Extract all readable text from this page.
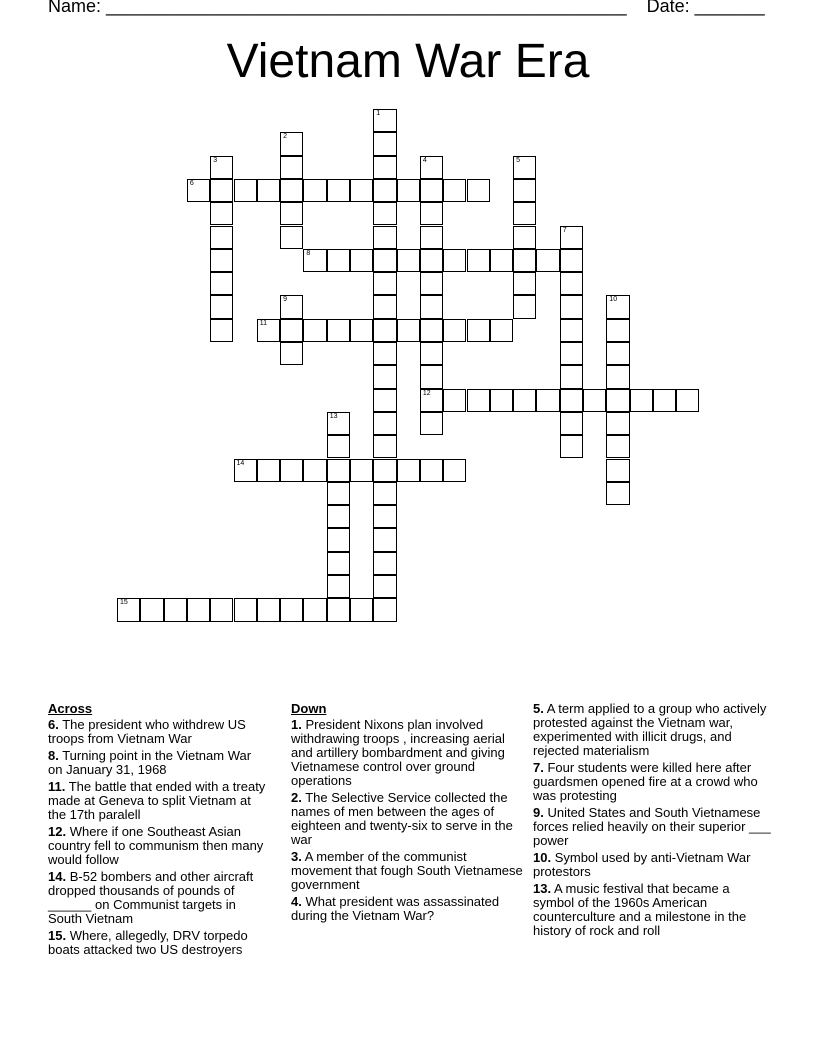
Name: ____________________________________________________ Date: _______
Vietnam War Era
1
2
3	4
12
5
6
7
8
9	10
11
13
14
15
Across
6. The president who withdrew US troops from Vietnam War
8. Turning point in the Vietnam War on January 31, 1968
11. The battle that ended with a treaty made at Geneva to split Vietnam at the 17th paralell
12. Where if one Southeast Asian country fell to communism then many would follow
14. B-52 bombers and other aircraft dropped thousands of pounds of ______ on Communist targets in South Vietnam
15. Where, allegedly, DRV torpedo boats attacked two US destroyers
Down
1. President Nixons plan involved withdrawing troops , increasing aerial and artillery bombardment and giving Vietnamese control over ground operations
2. The Selective Service collected the names of men between the ages of eighteen and twenty-six to serve in the war
3. A member of the communist movement that fough South Vietnamese government
4. What president was assassinated during the Vietnam War?
5. A term applied to a group who actively protested against the Vietnam war, experimented with illicit drugs, and rejected materialism
7. Four students were killed here after guardsmen opened fire at a crowd who was protesting
9. United States and South Vietnamese forces relied heavily on their superior ___ power
10. Symbol used by anti-Vietnam War protestors
13. A music festival that became a symbol of the 1960s American counterculture and a milestone in the history of rock and roll
